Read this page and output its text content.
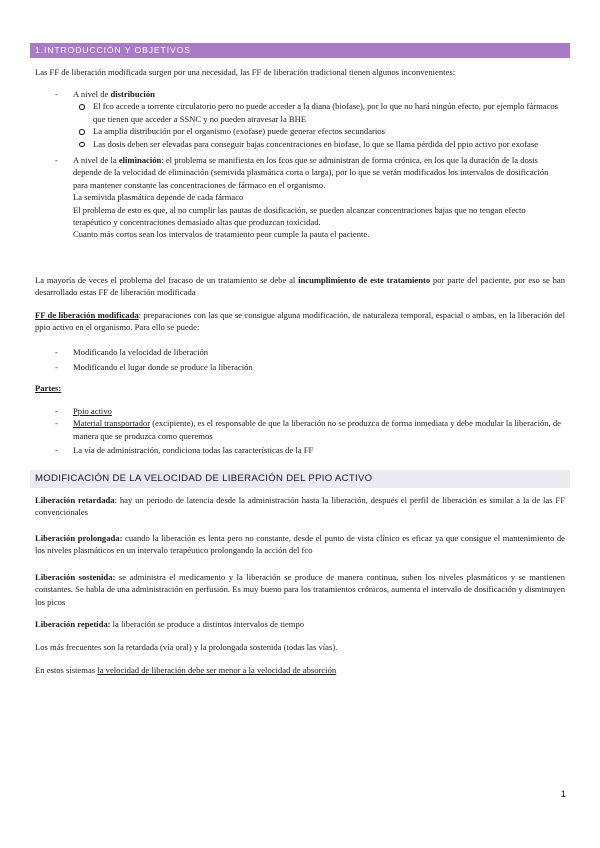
1.INTRODUCCIÓN Y OBJETIVOS

Las FF de liberación modificada surgen por una necesidad, las FF de liberación tradicional tienen algunos inconvenientes:

- A nivel de distribución
El fco accede a torrente circulatorio pero no puede acceder a la diana (biofase), por lo que no hará ningún efecto, por ejemplo fármacos que tienen que acceder a SSNC y no pueden atravesar la BHE
La amplia distribución por el organismo (exofase) puede generar efectos secundarios
Las dosis deben ser elevadas para conseguir bajas concentraciones en biofase, lo que se llama pérdida del ppio activo por exofase
- A nivel de la eliminación: el problema se manifiesta en los fcos que se administran de forma crónica, en los que la duración de la dosis depende de la velocidad de eliminación (semivida plasmática corta o larga), por lo que se verán modificados los intervalos de dosificación para mantener constante las concentraciones de fármaco en el organismo.
La semivida plasmática depende de cada fármaco
El problema de esto es que, al no cumplir las pautas de dosificación, se pueden alcanzar concentraciones bajas que no tengan efecto terapéutico y concentraciones demasiado altas que produzcan toxicidad.
Cuanto más cortos sean los intervalos de tratamiento peor cumple la pauta el paciente.

La mayoría de veces el problema del fracaso de un tratamiento se debe al incumplimiento de este tratamiento por parte del paciente, por eso se han desarrollado estas FF de liberación modificada

FF de liberación modificada: preparaciones con las que se consigue alguna modificación, de naturaleza temporal, espacial o ambas, en la liberación del ppio activo en el organismo. Para ello se puede:

- Modificando la velocidad de liberación
- Modificando el lugar donde se produce la liberación

Partes:

- Ppio activo
- Material transportador (excipiente), es el responsable de que la liberación no se produzca de forma inmediata y debe modular la liberación, de manera que se produzca como queremos
- La vía de administración, condiciona todas las características de la FF
MODIFICACIÓN DE LA VELOCIDAD DE LIBERACIÓN DEL PPIO ACTIVO

Liberación retardada: hay un periodo de latencia desde la administración hasta la liberación, después el perfil de liberación es similar a la de las FF convencionales

Liberación prolongada: cuando la liberación es lenta pero no constante, desde el punto de vista clínico es eficaz ya que consigue el mantenimiento de los niveles plasmáticos en un intervalo terapéutico prolongando la acción del fco

Liberación sostenida: se administra el medicamento y la liberación se produce de manera continua, suben los niveles plasmáticos y se mantienen constantes. Se habla de una administración en perfusión. Es muy bueno para los tratamientos crónicos, aumenta el intervalo de dosificación y disminuyen los picos

Liberación repetida: la liberación se produce a distintos intervalos de tiempo

Los más frecuentes son la retardada (vía oral) y la prolongada sostenida (todas las vías).

En estos sistemas la velocidad de liberación debe ser menor a la velocidad de absorción

1
